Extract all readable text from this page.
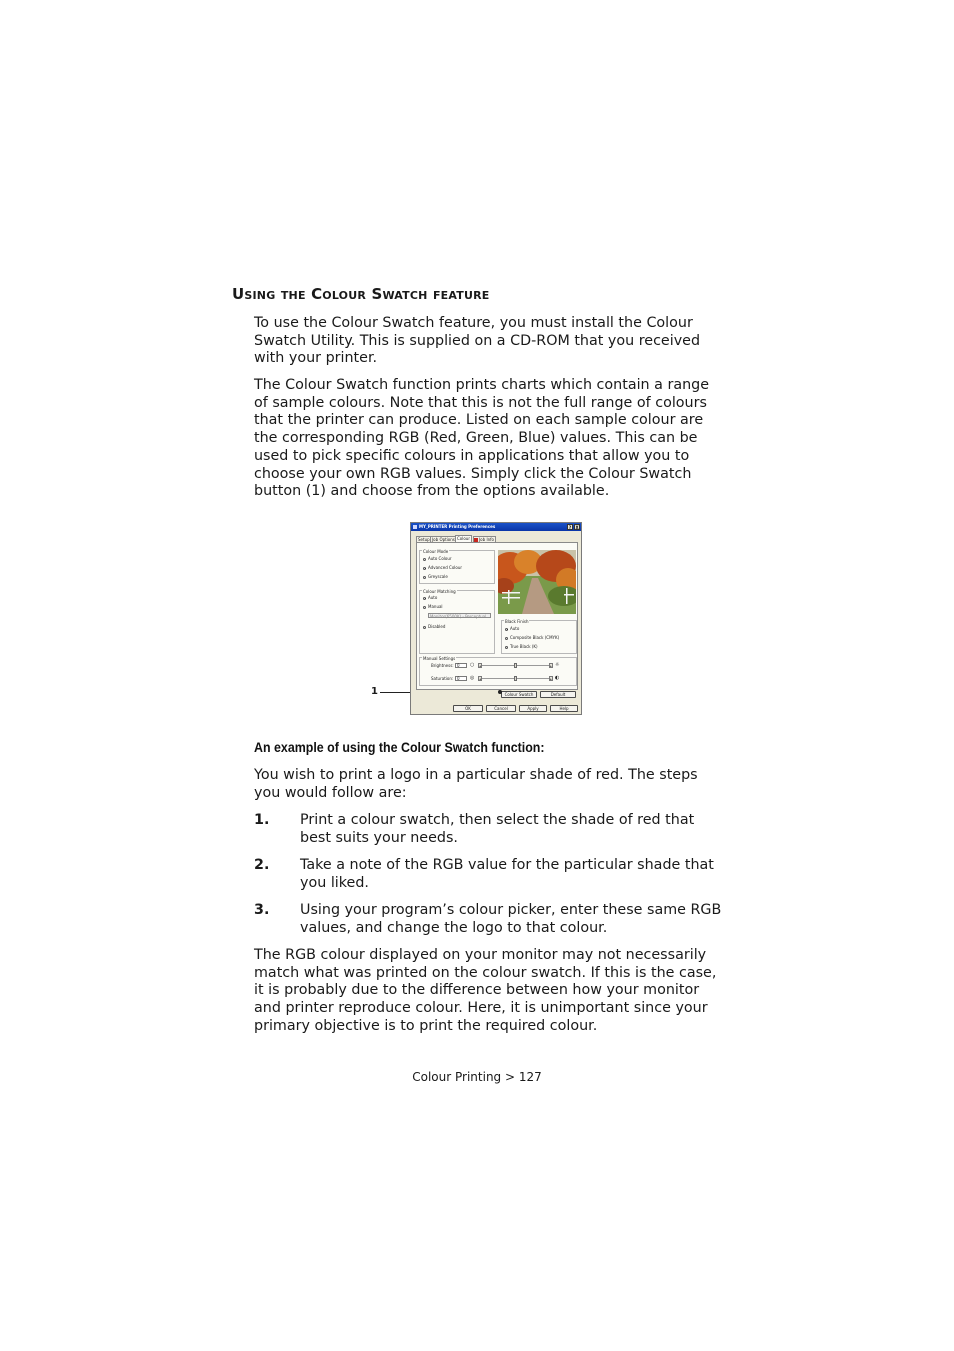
Using the Colour Swatch feature

To use the Colour Swatch feature, you must install the Colour Swatch Utility. This is supplied on a CD-ROM that you received with your printer.

The Colour Swatch function prints charts which contain a range of sample colours. Note that this is not the full range of colours that the printer can produce. Listed on each sample colour are the corresponding RGB (Red, Green, Blue) values. This can be used to pick specific colours in applications that allow you to choose your own RGB values. Simply click the Colour Swatch button (1) and choose from the options available.

1
MY_PRINTER Printing Preferences	?	X
Setup Job Options Colour	Job Info
Colour Mode
Auto Colour
Advanced Colour
Greyscale
Colour Matching
Auto
Manual
Monitor(6500K) - Perceptual
Disabled
Black Finish
Auto
Composite Black (CMYK)
True Black (K)
Manual Settings
Brightness: 0	○	◂	▸ ☼
Saturation: 0	◎	◂	▸ ◐
Colour Swatch	Default
OK	Cancel	Apply	Help
An example of using the Colour Swatch function:

You wish to print a logo in a particular shade of red. The steps you would follow are:

1. Print a colour swatch, then select the shade of red that best suits your needs.
2. Take a note of the RGB value for the particular shade that you liked.
3. Using your program’s colour picker, enter these same RGB values, and change the logo to that colour.

The RGB colour displayed on your monitor may not necessarily match what was printed on the colour swatch. If this is the case, it is probably due to the difference between how your monitor and printer reproduce colour. Here, it is unimportant since your primary objective is to print the required colour.

Colour Printing > 127
